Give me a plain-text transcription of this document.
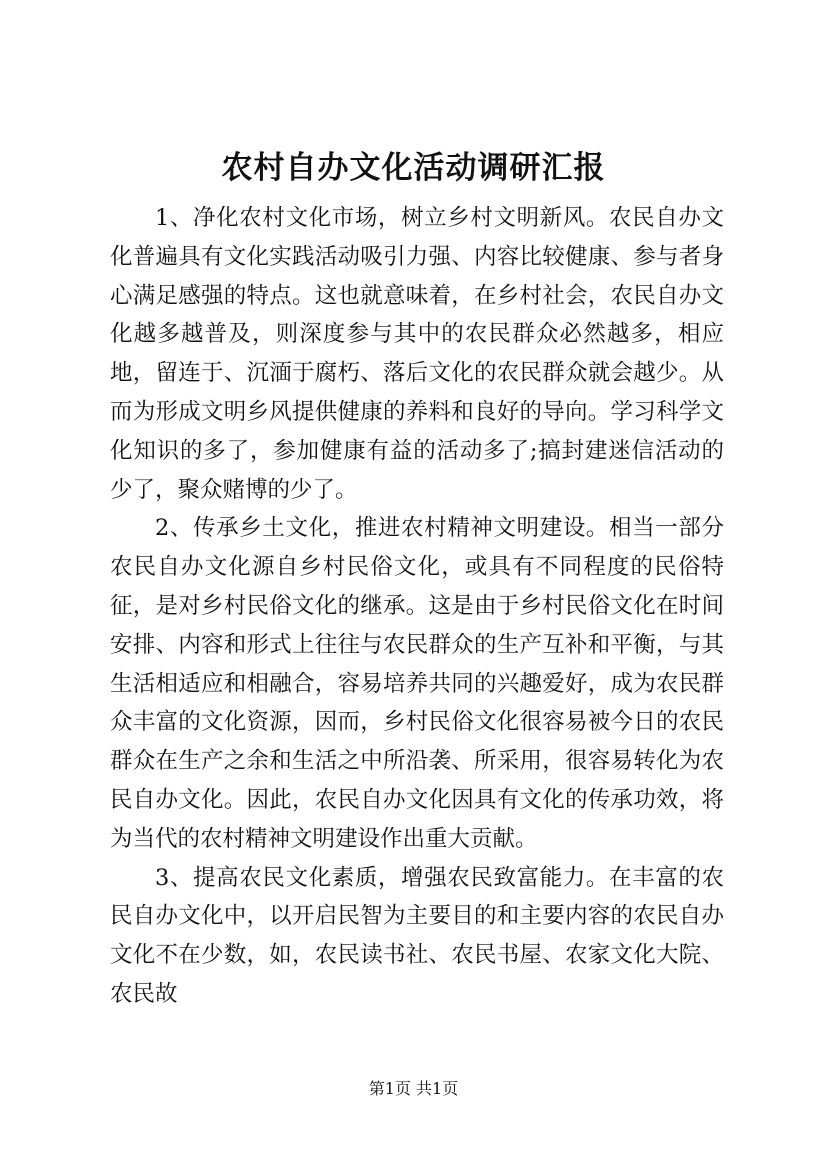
农村自办文化活动调研汇报

1、净化农村文化市场，树立乡村文明新风。农民自办文化普遍具有文化实践活动吸引力强、内容比较健康、参与者身心满足感强的特点。这也就意味着，在乡村社会，农民自办文化越多越普及，则深度参与其中的农民群众必然越多，相应地，留连于、沉湎于腐朽、落后文化的农民群众就会越少。从而为形成文明乡风提供健康的养料和良好的导向。学习科学文化知识的多了，参加健康有益的活动多了;搞封建迷信活动的少了，聚众赌博的少了。

2、传承乡土文化，推进农村精神文明建设。相当一部分农民自办文化源自乡村民俗文化，或具有不同程度的民俗特征，是对乡村民俗文化的继承。这是由于乡村民俗文化在时间安排、内容和形式上往往与农民群众的生产互补和平衡，与其生活相适应和相融合，容易培养共同的兴趣爱好，成为农民群众丰富的文化资源，因而，乡村民俗文化很容易被今日的农民群众在生产之余和生活之中所沿袭、所采用，很容易转化为农民自办文化。因此，农民自办文化因具有文化的传承功效，将为当代的农村精神文明建设作出重大贡献。

3、提高农民文化素质，增强农民致富能力。在丰富的农民自办文化中，以开启民智为主要目的和主要内容的农民自办文化不在少数，如，农民读书社、农民书屋、农家文化大院、农民故

第1页 共1页
